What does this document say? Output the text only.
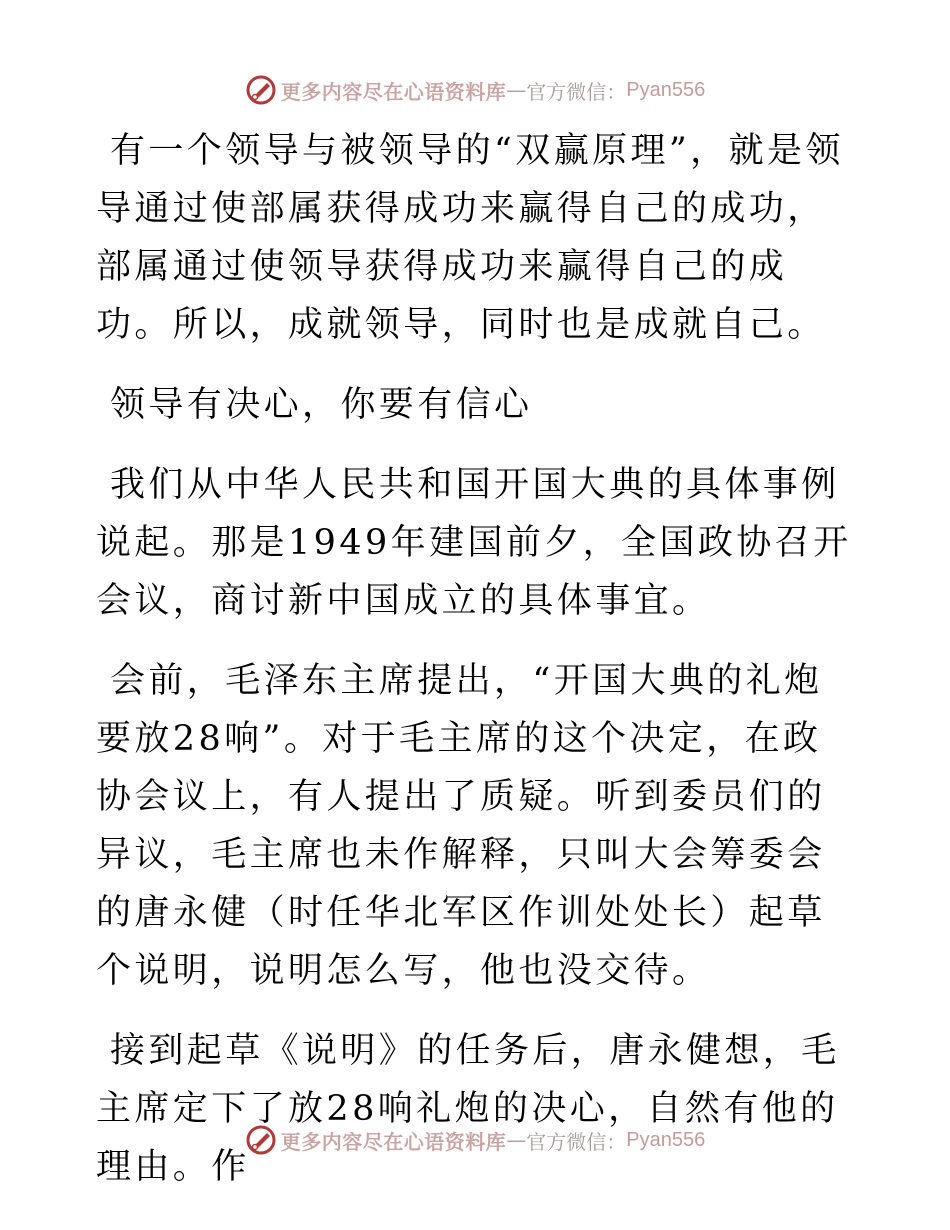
更多内容尽在心语资料库 — 官方微信： Pyan556

有一个领导与被领导的“双赢原理”，就是领导通过使部属获得成功来赢得自己的成功，部属通过使领导获得成功来赢得自己的成功。所以，成就领导，同时也是成就自己。

领导有决心，你要有信心

我们从中华人民共和国开国大典的具体事例说起。那是1949年建国前夕，全国政协召开会议，商讨新中国成立的具体事宜。

会前，毛泽东主席提出，“开国大典的礼炮要放28响”。对于毛主席的这个决定，在政协会议上，有人提出了质疑。听到委员们的异议，毛主席也未作解释，只叫大会筹委会的唐永健（时任华北军区作训处处长）起草个说明，说明怎么写，他也没交待。

接到起草《说明》的任务后，唐永健想，毛主席定下了放28响礼炮的决心，自然有他的理由。作

更多内容尽在心语资料库 — 官方微信： Pyan556
